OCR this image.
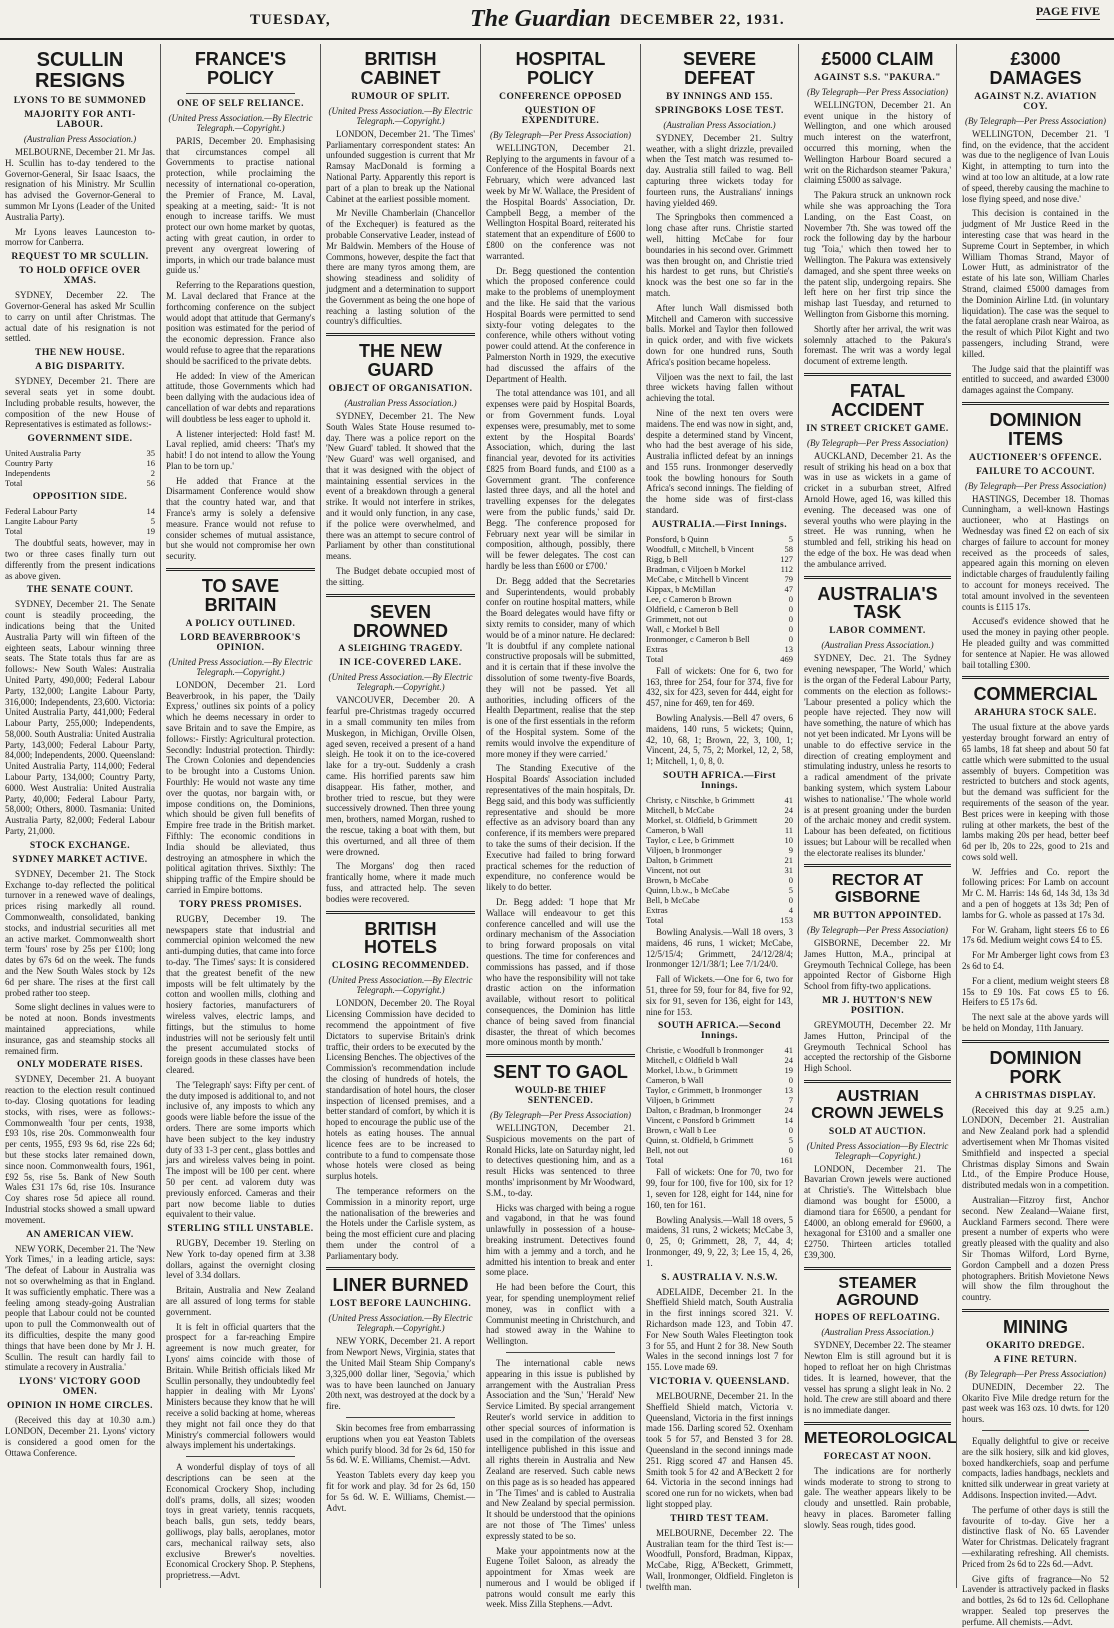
TUESDAY,	The Guardian DECEMBER 22, 1931.
PAGE FIVE
SCULLIN RESIGNS
LYONS TO BE SUMMONED
MAJORITY FOR ANTI-LABOUR.
(Australian Press Association.)

MELBOURNE, December 21. Mr Jas. H. Scullin has to-day tendered to the Governor-General, Sir Isaac Isaacs, the resignation of his Ministry. Mr Scullin has advised the Governor-General to summon Mr Lyons (Leader of the United Australia Party).

Mr Lyons leaves Launceston to-morrow for Canberra.

REQUEST TO MR SCULLIN.
TO HOLD OFFICE OVER XMAS.

SYDNEY, December 22. The Governor-General has asked Mr Scullin to carry on until after Christmas. The actual date of his resignation is not settled.

THE NEW HOUSE.
A BIG DISPARITY.

SYDNEY, December 21. There are several seats yet in some doubt. Including probable results, however, the composition of the new House of Representatives is estimated as follows:-

GOVERNMENT SIDE.
United Australia Party	35
Country Party	16
Independents	2
Total	56
OPPOSITION SIDE.
Federal Labour Party	14
Langite Labour Party	5
Total	19

The doubtful seats, however, may in two or three cases finally turn out differently from the present indications as above given.

THE SENATE COUNT.

SYDNEY, December 21. The Senate count is steadily proceeding, the indications being that the United Australia Party will win fifteen of the eighteen seats, Labour winning three seats. The State totals thus far are as follows:- New South Wales: Australia United Party, 490,000; Federal Labour Party, 132,000; Langite Labour Party, 316,000; Independents, 23,600. Victoria: United Australia Party, 441,000; Federal Labour Party, 255,000; Independents, 58,000. South Australia: United Australia Party, 143,000; Federal Labour Party, 84,000; Independents, 2000. Queensland: United Australia Party, 114,000; Federal Labour Party, 134,000; Country Party, 6000. West Australia: United Australia Party, 40,000; Federal Labour Party, 58,000; Others, 8000. Tasmania: United Australia Party, 82,000; Federal Labour Party, 21,000.

STOCK EXCHANGE.
SYDNEY MARKET ACTIVE.

SYDNEY, December 21. The Stock Exchange to-day reflected the political turnover in a renewed wave of dealings, prices rising markedly all round. Commonwealth, consolidated, banking stocks, and industrial securities all met an active market. Commonwealth short term 'fours' rose by 25s per £100; long dates by 67s 6d on the week. The funds and the New South Wales stock by 12s 6d per share. The rises at the first call probed rather too steep.

Some slight declines in values were to be noted at noon. Bonds investments maintained appreciations, while insurance, gas and steamship stocks all remained firm.

ONLY MODERATE RISES.

SYDNEY, December 21. A buoyant reaction to the election result continued to-day. Closing quotations for leading stocks, with rises, were as follows:- Commonwealth 'four per cents, 1938, £93 10s, rise 20s. Commonwealth four per cents, 1955, £93 9s 6d, rise 22s 6d; but these stocks later remained down, since noon. Commonwealth fours, 1961, £92 5s, rise 5s. Bank of New South Wales £31 17s 6d, rise 10s. Insurance Coy shares rose 5d apiece all round. Industrial stocks showed a small upward movement.

AN AMERICAN VIEW.

NEW YORK, December 21. The 'New York Times,' in a leading article, says: 'The defeat of Labour in Australia was not so overwhelming as that in England. It was sufficiently emphatic. There was a feeling among steady-going Australian people that Labour could not be counted upon to pull the Commonwealth out of its difficulties, despite the many good things that have been done by Mr J. H. Scullin. The result can hardly fail to stimulate a recovery in Australia.'

LYONS' VICTORY GOOD OMEN.
OPINION IN HOME CIRCLES.

(Received this day at 10.30 a.m.) LONDON, December 21. Lyons' victory is considered a good omen for the Ottawa Conference.

FRANCE'S POLICY
ONE OF SELF RELIANCE.
(United Press Association.—By Electric Telegraph.—Copyright.)

PARIS, December 20. Emphasising that circumstances compel all Governments to practise national protection, while proclaiming the necessity of international co-operation, the Premier of France, M. Laval, speaking at a meeting, said:- 'It is not enough to increase tariffs. We must protect our own home market by quotas, acting with great caution, in order to prevent any overgreat lowering of imports, in which our trade balance must guide us.'

Referring to the Reparations question, M. Laval declared that France at the forthcoming conference on the subject would adopt that attitude that Germany's position was estimated for the period of the economic depression. France also would refuse to agree that the reparations should be sacrificed to the private debts.

He added: In view of the American attitude, those Governments which had been dallying with the audacious idea of cancellation of war debts and reparations will doubtless be less eager to uphold it.

A listener interjected: Hold fast! M. Laval replied, amid cheers: 'That's my habit! I do not intend to allow the Young Plan to be torn up.'

He added that France at the Disarmament Conference would show that the country hated war, and that France's army is solely a defensive measure. France would not refuse to consider schemes of mutual assistance, but she would not compromise her own security.

TO SAVE BRITAIN
A POLICY OUTLINED.
LORD BEAVERBROOK'S OPINION.
(United Press Association.—By Electric Telegraph.—Copyright.)

LONDON, December 21. Lord Beaverbrook, in his paper, the 'Daily Express,' outlines six points of a policy which he deems necessary in order to save Britain and to save the Empire, as follows:- Firstly: Agricultural protection. Secondly: Industrial protection. Thirdly: The Crown Colonies and dependencies to be brought into a Customs Union. Fourthly: He would not waste any time over the quotas, nor bargain with, or impose conditions on, the Dominions, which should be given full benefits of Empire free trade in the British market. Fifthly: The economic conditions in India should be alleviated, thus destroying an atmosphere in which the political agitation thrives. Sixthly: The shipping traffic of the Empire should be carried in Empire bottoms.

TORY PRESS PROMISES.

RUGBY, December 19. The newspapers state that industrial and commercial opinion welcomed the new anti-dumping duties, that came into force to-day. 'The Times' says: It is considered that the greatest benefit of the new imposts will be felt ultimately by the cotton and woollen mills, clothing and hosiery factories, manufacturers of wireless valves, electric lamps, and fittings, but the stimulus to home industries will not be seriously felt until the present accumulated stocks of foreign goods in these classes have been cleared.

The 'Telegraph' says: Fifty per cent. of the duty imposed is additional to, and not inclusive of, any imposts to which any goods were liable before the issue of the orders. There are some imports which have been subject to the key industry duty of 33 1-3 per cent., glass bottles and jars and wireless valves being in point. The impost will be 100 per cent. where 50 per cent. ad valorem duty was previously enforced. Cameras and their part now become liable to duties equivalent to their value.

STERLING STILL UNSTABLE.

RUGBY, December 19. Sterling on New York to-day opened firm at 3.38 dollars, against the overnight closing level of 3.34 dollars.

Britain, Australia and New Zealand are all assured of long terms for stable government.

It is felt in official quarters that the prospect for a far-reaching Empire agreement is now much greater, for Lyons' aims coincide with those of Britain. While British officials liked Mr Scullin personally, they undoubtedly feel happier in dealing with Mr Lyons' Ministers because they know that he will receive a solid backing at home, whereas they might not fail once they do that Ministry's commercial followers would always implement his undertakings.

A wonderful display of toys of all descriptions can be seen at the Economical Crockery Shop, including doll's prams, dolls, all sizes; wooden toys in great variety, tennis racquets, beach balls, gun sets, teddy bears, golliwogs, play balls, aeroplanes, motor cars, mechanical railway sets, also exclusive Brewer's novelties. Economical Crockery Shop. P. Stephens, proprietress.—Advt.

BRITISH CABINET
RUMOUR OF SPLIT.
(United Press Association.—By Electric Telegraph.—Copyright.)

LONDON, December 21. 'The Times' Parliamentary correspondent states: An unfounded suggestion is current that Mr Ramsay MacDonald is forming a National Party. Apparently this report is part of a plan to break up the National Cabinet at the earliest possible moment.

Mr Neville Chamberlain (Chancellor of the Exchequer) is featured as the probable Conservative Leader, instead of Mr Baldwin. Members of the House of Commons, however, despite the fact that there are many tyros among them, are showing steadiness and solidity of judgment and a determination to support the Government as being the one hope of reaching a lasting solution of the country's difficulties.

THE NEW GUARD
OBJECT OF ORGANISATION.
(Australian Press Association.)

SYDNEY, December 21. The New South Wales State House resumed to-day. There was a police report on the 'New Guard' tabled. It showed that the 'New Guard' was well organised, and that it was designed with the object of maintaining essential services in the event of a breakdown through a general strike. It would not interfere in strikes, and it would only function, in any case, if the police were overwhelmed, and there was an attempt to secure control of Parliament by other than constitutional means.

The Budget debate occupied most of the sitting.

SEVEN DROWNED
A SLEIGHING TRAGEDY.
IN ICE-COVERED LAKE.
(United Press Association.—By Electric Telegraph.—Copyright.)

VANCOUVER, December 20. A fearful pre-Christmas tragedy occurred in a small community ten miles from Muskegon, in Michigan, Orville Olsen, aged seven, received a present of a hand sleigh. He took it on to the ice-covered lake for a try-out. Suddenly a crash came. His horrified parents saw him disappear. His father, mother, and brother tried to rescue, but they were successively drowned. Then three young men, brothers, named Morgan, rushed to the rescue, taking a boat with them, but this overturned, and all three of them were drowned.

The Morgans' dog then raced frantically home, where it made much fuss, and attracted help. The seven bodies were recovered.

BRITISH HOTELS
CLOSING RECOMMENDED.
(United Press Association.—By Electric Telegraph.—Copyright.)

LONDON, December 20. The Royal Licensing Commission have decided to recommend the appointment of five Dictators to supervise Britain's drink traffic, their orders to be executed by the Licensing Benches. The objectives of the Commission's recommendation include the closing of hundreds of hotels, the standardisation of hotel hours, the closer inspection of licensed premises, and a better standard of comfort, by which it is hoped to encourage the public use of the hotels as eating houses. The annual licence fees are to be increased to contribute to a fund to compensate those whose hotels were closed as being surplus hotels.

The temperance reformers on the Commission in a minority report, urge the nationalisation of the breweries and the Hotels under the Carlisle system, as being the most efficient cure and placing them under the control of a Parliamentary body.

LINER BURNED
LOST BEFORE LAUNCHING.
(United Press Association.—By Electric Telegraph.—Copyright.)

NEW YORK, December 21. A report from Newport News, Virginia, states that the United Mail Steam Ship Company's 3,325,000 dollar liner, 'Segovia,' which was to have been launched on January 20th next, was destroyed at the dock by a fire.

Skin becomes free from embarrassing eruptions when you eat Yeaston Tablets which purify blood. 3d for 2s 6d, 150 for 5s 6d. W. E. Williams, Chemist.—Advt.

Yeaston Tablets every day keep you fit for work and play. 3d for 2s 6d, 150 for 5s 6d. W. E. Williams, Chemist.—Advt.

HOSPITAL POLICY
CONFERENCE OPPOSED
QUESTION OF EXPENDITURE.
(By Telegraph—Per Press Association)

WELLINGTON, December 21. Replying to the arguments in favour of a Conference of the Hospital Boards next February, which were advanced last week by Mr W. Wallace, the President of the Hospital Boards' Association, Dr. Campbell Begg, a member of the Wellington Hospital Board, reiterated his statement that an expenditure of £600 to £800 on the conference was not warranted.

Dr. Begg questioned the contention which the proposed conference could make to the problems of unemployment and the like. He said that the various Hospital Boards were permitted to send sixty-four voting delegates to the conference, while others without voting power could attend. At the conference in Palmerston North in 1929, the executive had discussed the affairs of the Department of Health.

The total attendance was 101, and all expenses were paid by Hospital Boards, or from Government funds. Loyal expenses were, presumably, met to some extent by the Hospital Boards' Association, which, during the last financial year, devoted for its activities £825 from Board funds, and £100 as a Government grant. 'The conference lasted three days, and all the hotel and travelling expenses for the delegates were from the public funds,' said Dr. Begg. 'The conference proposed for February next year will be similar in composition, although, possibly, there will be fewer delegates. The cost can hardly be less than £600 or £700.'

Dr. Begg added that the Secretaries and Superintendents, would probably confer on routine hospital matters, while the Board delegates would have fifty or sixty remits to consider, many of which would be of a minor nature. He declared: 'It is doubtful if any complete national constructive proposals will be submitted, and it is certain that if these involve the dissolution of some twenty-five Boards, they will not be passed. Yet all authorities, including officers of the Health Department, realise that the step is one of the first essentials in the reform of the Hospital system. Some of the remits would involve the expenditure of more money if they were carried.'

The Standing Executive of the Hospital Boards' Association included representatives of the main hospitals, Dr. Begg said, and this body was sufficiently representative and should be more effective as an advisory board than any conference, if its members were prepared to take the sums of their decision. If the Executive had failed to bring forward practical schemes for the reduction of expenditure, no conference would be likely to do better.

Dr. Begg added: 'I hope that Mr Wallace will endeavour to get this conference cancelled and will use the ordinary mechanism of the Association to bring forward proposals on vital questions. The time for conferences and commissions has passed, and if those who have the responsibility will not take drastic action on the information available, without resort to political consequences, the Dominion has little chance of being saved from financial disaster, the threat of which becomes more ominous month by month.'

SENT TO GAOL
WOULD-BE THIEF SENTENCED.
(By Telegraph—Per Press Association)

WELLINGTON, December 21. Suspicious movements on the part of Ronald Hicks, late on Saturday night, led to detectives questioning him, and as a result Hicks was sentenced to three months' imprisonment by Mr Woodward, S.M., to-day.

Hicks was charged with being a rogue and vagabond, in that he was found unlawfully in possession of a house-breaking instrument. Detectives found him with a jemmy and a torch, and he admitted his intention to break and enter some place.

He had been before the Court, this year, for spending unemployment relief money, was in conflict with a Communist meeting in Christchurch, and had stowed away in the Wahine to Wellington.

The international cable news appearing in this issue is published by arrangement with the Australian Press Association and the 'Sun,' 'Herald' New Service Limited. By special arrangement Reuter's world service in addition to other special sources of information is used in the compilation of the overseas intelligence published in this issue and all rights therein in Australia and New Zealand are reserved. Such cable news on this page as is so headed has appeared in 'The Times' and is cabled to Australia and New Zealand by special permission. It should be understood that the opinions are not those of 'The Times' unless expressly stated to be so.

Make your appointments now at the Eugene Toilet Saloon, as already the appointment for Xmas week are numerous and I would be obliged if patrons would consult me early this week. Miss Zilla Stephens.—Advt.

SEVERE DEFEAT
BY INNINGS AND 155.
SPRINGBOKS LOSE TEST.
(Australian Press Association.)

SYDNEY, December 21. Sultry weather, with a slight drizzle, prevailed when the Test match was resumed to-day. Australia still failed to wag. Bell capturing three wickets today for fourteen runs, the Australians' innings having yielded 469.

The Springboks then commenced a long chase after runs. Christie started well, hitting McCabe for four boundaries in his second over. Grimmett was then brought on, and Christie tried his hardest to get runs, but Christie's knock was the best one so far in the match.

After lunch Wall dismissed both Mitchell and Cameron with successive balls. Morkel and Taylor then followed in quick order, and with five wickets down for one hundred runs, South Africa's position became hopeless.

Viljoen was the next to fail, the last three wickets having fallen without achieving the total.

Nine of the next ten overs were maidens. The end was now in sight, and, despite a determined stand by Vincent, who had the best average of his side, Australia inflicted defeat by an innings and 155 runs. Ironmonger deservedly took the bowling honours for South Africa's second innings. The fielding of the home side was of first-class standard.

AUSTRALIA.—First Innings.
Ponsford, b Quinn	5
Woodfull, c Mitchell, b Vincent	58
Rigg, b Bell	127
Bradman, c Viljoen b Morkel	112
McCabe, c Mitchell b Vincent	79
Kippax, b McMillan	47
Lee, c Cameron b Brown	0
Oldfield, c Cameron b Bell	0
Grimmett, not out	0
Wall, c Morkel b Bell	0
Ironmonger, c Cameron b Bell	0
Extras	13
Total	469

Fall of wickets: One for 6, two for 163, three for 254, four for 374, five for 432, six for 423, seven for 444, eight for 457, nine for 469, ten for 469.

Bowling Analysis.—Bell 47 overs, 6 maidens, 140 runs, 5 wickets; Quinn, 42, 10, 68, 1; Brown, 22, 3, 100, 1; Vincent, 24, 5, 75, 2; Morkel, 12, 2, 58, 1; Mitchell, 1, 0, 8, 0.

SOUTH AFRICA.—First Innings.
Christy, c Nitschke, b Grimmett	41
Mitchell, b McCabe	24
Morkel, st. Oldfield, b Grimmett	20
Cameron, b Wall	11
Taylor, c Lee, b Grimmett	10
Viljoen, b Ironmonger	9
Dalton, b Grimmett	21
Vincent, not out	31
Brown, b McCabe	0
Quinn, l.b.w., b McCabe	5
Bell, b McCabe	0
Extras	4
Total	153

Bowling Analysis.—Wall 18 overs, 3 maidens, 46 runs, 1 wicket; McCabe, 12/5/15/4; Grimmett, 24/12/28/4; Ironmonger 12/1/38/1; Lee 7/1/24/0.

Fall of Wickets.—One for 6, two for 51, three for 59, four for 84, five for 92, six for 91, seven for 136, eight for 143, nine for 153.

SOUTH AFRICA.—Second Innings.
Christie, c Woodfull b Ironmonger	41
Mitchell, c Oldfield b Wall	24
Morkel, l.b.w., b Grimmett	19
Cameron, b Wall	0
Taylor, c Grimmett, b Ironmonger	13
Viljoen, b Grimmett	7
Dalton, c Bradman, b Ironmonger	24
Vincent, c Ponsford b Grimmett	14
Brown, c Wall b Lee	0
Quinn, st. Oldfield, b Grimmett	5
Bell, not out	0
Total	161

Fall of wickets: One for 70, two for 99, four for 100, five for 100, six for 1?1, seven for 128, eight for 144, nine for 160, ten for 161.

Bowling Analysis.—Wall 18 overs, 5 maidens, 31 runs, 2 wickets; McCabe 3, 0, 25, 0; Grimmett, 28, 7, 44, 4; Ironmonger, 49, 9, 22, 3; Lee 15, 4, 26, 1.

S. AUSTRALIA V. N.S.W.

ADELAIDE, December 21. In the Sheffield Shield match, South Australia in the first innings scored 321. V. Richardson made 123, and Tobin 47. For New South Wales Fleetington took 3 for 55, and Hunt 2 for 38. New South Wales in the second innings lost 7 for 155. Love made 69.

VICTORIA V. QUEENSLAND.

MELBOURNE, December 21. In the Sheffield Shield match, Victoria v. Queensland, Victoria in the first innings made 156. Darling scored 52. Oxenham took 5 for 57, and Bensted 3 for 28. Queensland in the second innings made 251. Rigg scored 47 and Hansen 45. Smith took 5 for 42 and A'Beckett 2 for 64. Victoria in the second innings had scored one run for no wickets, when bad light stopped play.

THIRD TEST TEAM.

MELBOURNE, December 22. The Australian team for the third Test is:—Woodfull, Ponsford, Bradman, Kippax, McCabe, Rigg, A'Beckett, Grimmett, Wall, Ironmonger, Oldfield. Fingleton is twelfth man.

£5000 CLAIM
AGAINST S.S. "PAKURA."
(By Telegraph—Per Press Association)

WELLINGTON, December 21. An event unique in the history of Wellington, and one which aroused much interest on the waterfront, occurred this morning, when the Wellington Harbour Board secured a writ on the Richardson steamer 'Pakura,' claiming £5000 as salvage.

The Pakura struck an unknown rock while she was approaching the Tora Landing, on the East Coast, on November 7th. She was towed off the rock the following day by the harbour tug 'Toia,' which then towed her to Wellington. The Pakura was extensively damaged, and she spent three weeks on the patent slip, undergoing repairs. She left here on her first trip since the mishap last Tuesday, and returned to Wellington from Gisborne this morning.

Shortly after her arrival, the writ was solemnly attached to the Pakura's foremast. The writ was a wordy legal document of extreme length.

FATAL ACCIDENT
IN STREET CRICKET GAME.
(By Telegraph—Per Press Association)

AUCKLAND, December 21. As the result of striking his head on a box that was in use as wickets in a game of cricket in a suburban street, Alfred Arnold Howe, aged 16, was killed this evening. The deceased was one of several youths who were playing in the street. He was running, when he stumbled and fell, striking his head on the edge of the box. He was dead when the ambulance arrived.

AUSTRALIA'S TASK
LABOR COMMENT.
(Australian Press Association.)

SYDNEY, Dec. 21. The Sydney evening newspaper, 'The World,' which is the organ of the Federal Labour Party, comments on the election as follows:- 'Labour presented a policy which the people have rejected. They now will have something, the nature of which has not yet been indicated. Mr Lyons will be unable to do effective service in the direction of creating employment and stimulating industry, unless he resorts to a radical amendment of the private banking system, which system Labour wishes to nationalise.' 'The whole world is at present groaning under the burden of the archaic money and credit system. Labour has been defeated, on fictitious issues; but Labour will be recalled when the electorate realises its blunder.'

RECTOR AT GISBORNE
MR BUTTON APPOINTED.
(By Telegraph—Per Press Association)

GISBORNE, December 22. Mr James Hutton, M.A., principal at Greymouth Technical College, has been appointed Rector of Gisborne High School from fifty-two applications.

MR J. HUTTON'S NEW POSITION.

GREYMOUTH, December 22. Mr James Hutton, Principal of the Greymouth Technical School has accepted the rectorship of the Gisborne High School.

AUSTRIAN CROWN JEWELS
SOLD AT AUCTION.
(United Press Association—By Electric Telegraph—Copyright.)

LONDON, December 21. The Bavarian Crown jewels were auctioned at Christie's. The Wittelsbach blue diamond was bought for £5000, a diamond tiara for £6500, a pendant for £4000, an oblong emerald for £9600, a hexagonal for £3100 and a smaller one £2750. Thirteen articles totalled £39,300.

STEAMER AGROUND
HOPES OF REFLOATING.
(Australian Press Association.)

SYDNEY, December 22. The steamer Newton Elm is still aground but it is hoped to refloat her on high Christmas tides. It is learned, however, that the vessel has sprung a slight leak in No. 2 hold. The crew are still aboard and there is no immediate danger.

METEOROLOGICAL
FORECAST AT NOON.

The indications are for northerly winds moderate to strong to strong to gale. The weather appears likely to be cloudy and unsettled. Rain probable, heavy in places. Barometer falling slowly. Seas rough, tides good.

£3000 DAMAGES
AGAINST N.Z. AVIATION COY.
(By Telegraph—Per Press Association)

WELLINGTON, December 21. 'I find, on the evidence, that the accident was due to the negligence of Ivan Louis Kight, in attempting to turn into the wind at too low an altitude, at a low rate of speed, thereby causing the machine to lose flying speed, and nose dive.'

This decision is contained in the judgment of Mr Justice Reed in the interesting case that was heard in the Supreme Court in September, in which William Thomas Strand, Mayor of Lower Hutt, as administrator of the estate of his late son, William Charles Strand, claimed £5000 damages from the Dominion Airline Ltd. (in voluntary liquidation). The case was the sequel to the fatal aeroplane crash near Wairoa, as the result of which Pilot Kight and two passengers, including Strand, were killed.

The Judge said that the plaintiff was entitled to succeed, and awarded £3000 damages against the Company.

DOMINION ITEMS
AUCTIONEER'S OFFENCE.
FAILURE TO ACCOUNT.
(By Telegraph—Per Press Association)

HASTINGS, December 18. Thomas Cunningham, a well-known Hastings auctioneer, who at Hastings on Wednesday was fined £2 on each of six charges of failure to account for money received as the proceeds of sales, appeared again this morning on eleven indictable charges of fraudulently failing to account for moneys received. The total amount involved in the seventeen counts is £115 17s.

Accused's evidence showed that he used the money in paying other people. He pleaded guilty and was committed for sentence at Napier. He was allowed bail totalling £300.

COMMERCIAL
ARAHURA STOCK SALE.

The usual fixture at the above yards yesterday brought forward an entry of 65 lambs, 18 fat sheep and about 50 fat cattle which were submitted to the usual assembly of buyers. Competition was restricted to butchers and stock agents, but the demand was sufficient for the requirements of the season of the year. Best prices were in keeping with those ruling at other markets, the best of the lambs making 20s per head, better beef 6d per lb, 20s to 22s, good to 21s and cows sold well.

W. Jeffries and Co. report the following prices: For Lamb on account Mr C. M. Harris: 14s 6d, 14s 3d, 13s 3d and a pen of hoggets at 13s 3d; Pen of lambs for G. whole as passed at 17s 3d.

For W. Graham, light steers £6 to £6 17s 6d. Medium weight cows £4 to £5.

For Mr Amberger light cows from £3 2s 6d to £4.

For a client, medium weight steers £8 15s to £9 10s. Fat cows £5 to £6. Heifers to £5 17s 6d.

The next sale at the above yards will be held on Monday, 11th January.

DOMINION PORK
A CHRISTMAS DISPLAY.

(Received this day at 9.25 a.m.) LONDON, December 21. Australian and New Zealand pork had a splendid advertisement when Mr Thomas visited Smithfield and inspected a special Christmas display Simons and Swain Ltd., of the Empire Produce House, distributed medals won in a competition.

Australian—Fitzroy first, Anchor second. New Zealand—Waiane first, Auckland Farmers second. There were present a number of experts who were greatly pleased with the quality and also Sir Thomas Wilford, Lord Byrne, Gordon Campbell and a dozen Press photographers. British Movietone News will show the film throughout the country.

MINING
OKARITO DREDGE.
A FINE RETURN.
(By Telegraph—Per Press Association)

DUNEDIN, December 22. The Okarito Five Mile dredge return for the past week was 163 ozs. 10 dwts. for 120 hours.

Equally delightful to give or receive are the silk hosiery, silk and kid gloves, boxed handkerchiefs, soap and perfume compacts, ladies handbags, necklets and knitted silk underwear in great variety at Addisons. Inspection invited.—Advt.

The perfume of other days is still the favourite of to-day. Give her a distinctive flask of No. 65 Lavender Water for Christmas. Delicately fragrant—exhilarating refreshing. All chemists. Priced from 2s 6d to 22s 6d.—Advt.

Give gifts of fragrance—No 52 Lavender is attractively packed in flasks and bottles, 2s 6d to 12s 6d. Cellophane wrapper. Sealed top preserves the perfume. All chemists.—Advt.
